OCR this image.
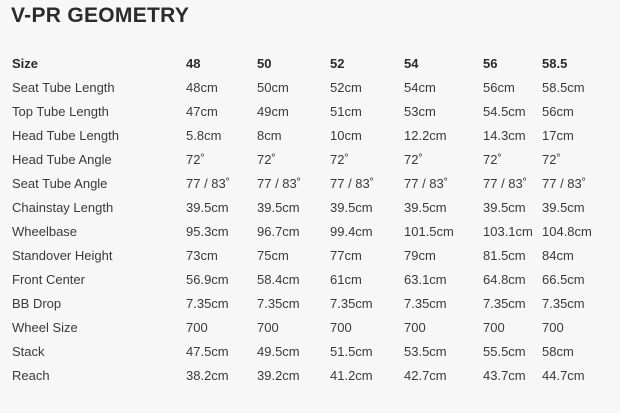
V-PR GEOMETRY
Size	48	50	52	54	56	58.5
Seat Tube Length	48cm	50cm	52cm	54cm	56cm	58.5cm
Top Tube Length	47cm	49cm	51cm	53cm	54.5cm	56cm
Head Tube Length	5.8cm	8cm	10cm	12.2cm	14.3cm	17cm
Head Tube Angle	72˚	72˚	72˚	72˚	72˚	72˚
Seat Tube Angle	77 / 83˚	77 / 83˚	77 / 83˚	77 / 83˚	77 / 83˚	77 / 83˚
Chainstay Length	39.5cm	39.5cm	39.5cm	39.5cm	39.5cm	39.5cm
Wheelbase	95.3cm	96.7cm	99.4cm	101.5cm	103.1cm 104.8cm
Standover Height	73cm	75cm	77cm	79cm	81.5cm	84cm
Front Center	56.9cm	58.4cm	61cm	63.1cm	64.8cm	66.5cm
BB Drop	7.35cm	7.35cm	7.35cm	7.35cm	7.35cm	7.35cm
Wheel Size	700	700	700	700	700	700
Stack	47.5cm	49.5cm	51.5cm	53.5cm	55.5cm	58cm
Reach	38.2cm	39.2cm	41.2cm	42.7cm	43.7cm	44.7cm
